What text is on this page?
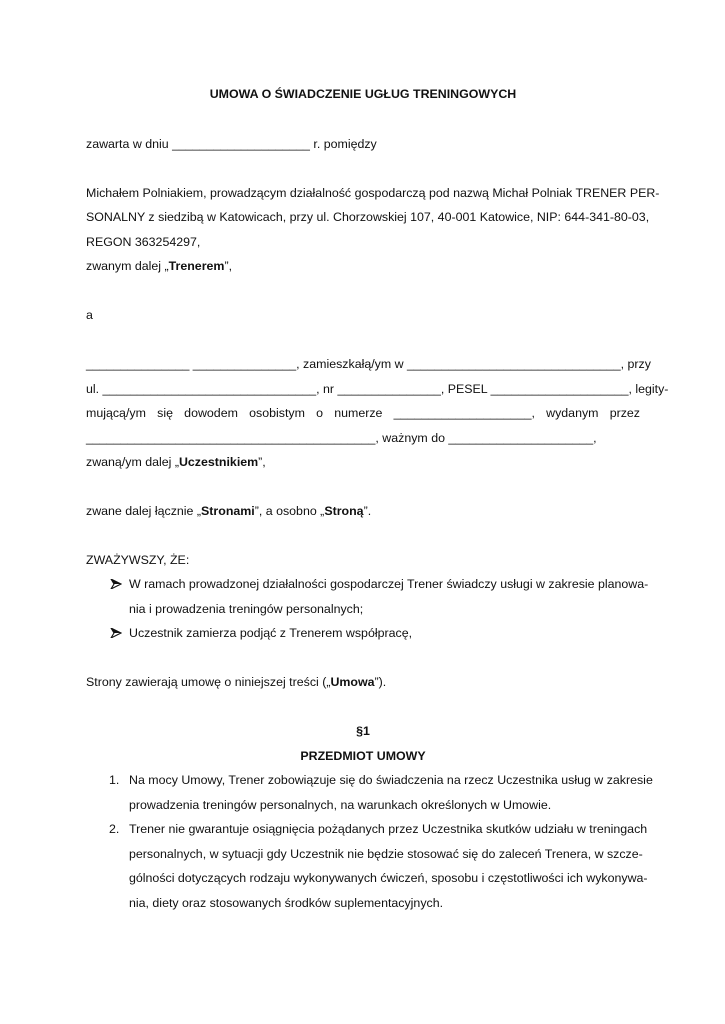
UMOWA O ŚWIADCZENIE UGŁUG TRENINGOWYCH
zawarta w dniu ____________________ r. pomiędzy
Michałem Polniakiem, prowadzącym działalność gospodarczą pod nazwą Michał Polniak TRENER PER-
SONALNY z siedzibą w Katowicach, przy ul. Chorzowskiej 107, 40-001 Katowice, NIP: 644-341-80-03,
REGON 363254297,
zwanym dalej „Trenerem”,
a
_______________ _______________, zamieszkałą/ym w _______________________________, przy
ul. _______________________________, nr _______________, PESEL ____________________, legity-
mującą/ym się dowodem osobistym o numerze ____________________, wydanym przez
__________________________________________, ważnym do _____________________,
zwaną/ym dalej „Uczestnikiem”,
zwane dalej łącznie „Stronami”, a osobno „Stroną”.
ZWAŻYWSZY, ŻE:
W ramach prowadzonej działalności gospodarczej Trener świadczy usługi w zakresie planowa-
nia i prowadzenia treningów personalnych;
Uczestnik zamierza podjąć z Trenerem współpracę,
Strony zawierają umowę o niniejszej treści („Umowa”).
§1
PRZEDMIOT UMOWY
1. Na mocy Umowy, Trener zobowiązuje się do świadczenia na rzecz Uczestnika usług w zakresie
prowadzenia treningów personalnych, na warunkach określonych w Umowie.
2. Trener nie gwarantuje osiągnięcia pożądanych przez Uczestnika skutków udziału w treningach
personalnych, w sytuacji gdy Uczestnik nie będzie stosować się do zaleceń Trenera, w szcze-
gólności dotyczących rodzaju wykonywanych ćwiczeń, sposobu i częstotliwości ich wykonywa-
nia, diety oraz stosowanych środków suplementacyjnych.
